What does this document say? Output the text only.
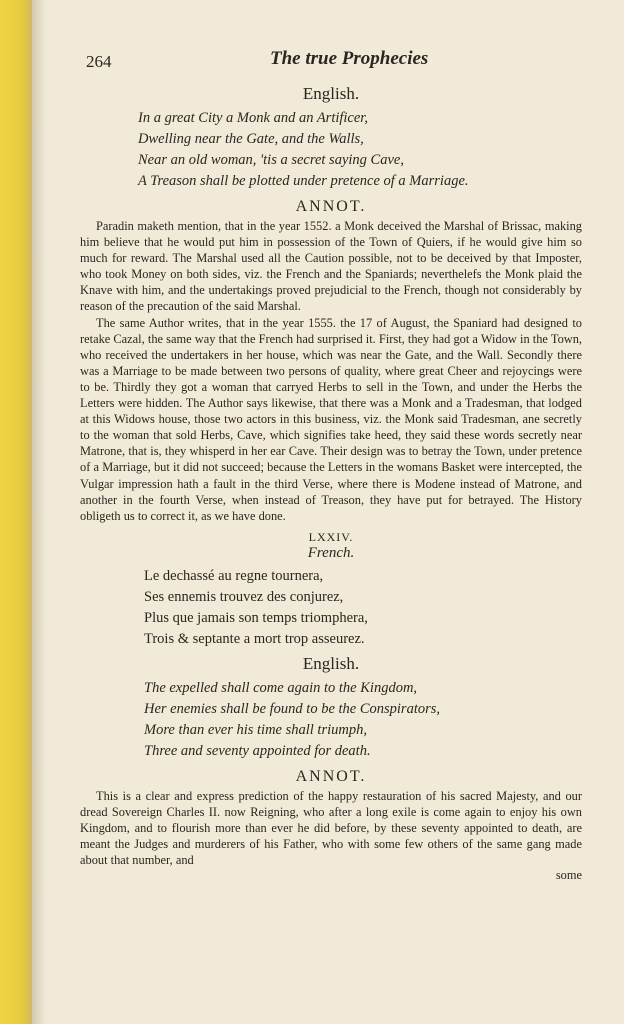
264	The true Prophecies
English.
In a great City a Monk and an Artificer,
Dwelling near the Gate, and the Walls,
Near an old woman, 'tis a secret saying Cave,
A Treason shall be plotted under pretence of a Marriage.
ANNOT.

Paradin maketh mention, that in the year 1552. a Monk deceived the Marshal of Brissac, making him believe that he would put him in possession of the Town of Quiers, if he would give him so much for reward. The Marshal used all the Caution possible, not to be deceived by that Imposter, who took Money on both sides, viz. the French and the Spaniards; neverthelefs the Monk plaid the Knave with him, and the undertakings proved prejudicial to the French, though not considerably by reason of the precaution of the said Marshal.

The same Author writes, that in the year 1555. the 17 of August, the Spaniard had designed to retake Cazal, the same way that the French had surprised it. First, they had got a Widow in the Town, who received the undertakers in her house, which was near the Gate, and the Wall. Secondly there was a Marriage to be made between two persons of quality, where great Cheer and rejoycings were to be. Thirdly they got a woman that carryed Herbs to sell in the Town, and under the Herbs the Letters were hidden. The Author says likewise, that there was a Monk and a Tradesman, that lodged at this Widows house, those two actors in this business, viz. the Monk said Tradesman, ane secretly to the woman that sold Herbs, Cave, which signifies take heed, they said these words secretly near Matrone, that is, they whisperd in her ear Cave. Their design was to betray the Town, under pretence of a Marriage, but it did not succeed; because the Letters in the womans Basket were intercepted, the Vulgar impression hath a fault in the third Verse, where there is Modene instead of Matrone, and another in the fourth Verse, when instead of Treason, they have put for betrayed. The History obligeth us to correct it, as we have done.

LXXIV.
French.
Le dechassé au regne tournera,
Ses ennemis trouvez des conjurez,
Plus que jamais son temps triomphera,
Trois & septante a mort trop asseurez.
English.
The expelled shall come again to the Kingdom,
Her enemies shall be found to be the Conspirators,
More than ever his time shall triumph,
Three and seventy appointed for death.
ANNOT.

This is a clear and express prediction of the happy restauration of his sacred Majesty, and our dread Sovereign Charles II. now Reigning, who after a long exile is come again to enjoy his own Kingdom, and to flourish more than ever he did before, by these seventy appointed to death, are meant the Judges and murderers of his Father, who with some few others of the same gang made about that number, and

some
